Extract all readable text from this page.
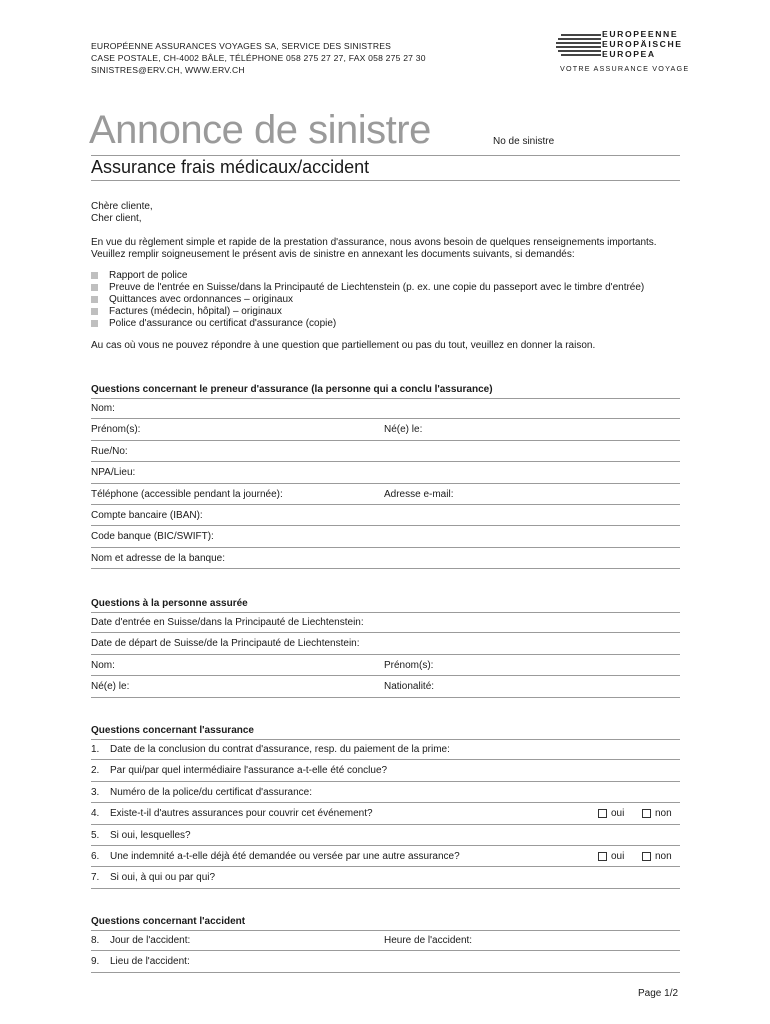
EUROPÉENNE ASSURANCES VOYAGES SA, SERVICE DES SINISTRES
CASE POSTALE, CH-4002 BÂLE, TÉLÉPHONE 058 275 27 27, FAX 058 275 27 30
SINISTRES@ERV.CH, WWW.ERV.CH
EUROPEENNE
EUROPÄISCHE
EUROPEA
VOTRE ASSURANCE VOYAGE
Annonce de sinistre	No de sinistre
Assurance frais médicaux/accident
Chère cliente,
Cher client,
En vue du règlement simple et rapide de la prestation d'assurance, nous avons besoin de quelques renseignements importants. Veuillez remplir soigneusement le présent avis de sinistre en annexant les documents suivants, si demandés:
Rapport de police
Preuve de l'entrée en Suisse/dans la Principauté de Liechtenstein (p. ex. une copie du passeport avec le timbre d'entrée)
Quittances avec ordonnances – originaux
Factures (médecin, hôpital) – originaux
Police d'assurance ou certificat d'assurance (copie)
Au cas où vous ne pouvez répondre à une question que partiellement ou pas du tout, veuillez en donner la raison.
Questions concernant le preneur d'assurance (la personne qui a conclu l'assurance)
Nom:
Prénom(s):	Né(e) le:
Rue/No:
NPA/Lieu:
Téléphone (accessible pendant la journée):	Adresse e-mail:
Compte bancaire (IBAN):
Code banque (BIC/SWIFT):
Nom et adresse de la banque:
Questions à la personne assurée
Date d'entrée en Suisse/dans la Principauté de Liechtenstein:
Date de départ de Suisse/de la Principauté de Liechtenstein:
Nom:	Prénom(s):
Né(e) le:	Nationalité:
Questions concernant l'assurance
1. Date de la conclusion du contrat d'assurance, resp. du paiement de la prime:
2. Par qui/par quel intermédiaire l'assurance a-t-elle été conclue?
3. Numéro de la police/du certificat d'assurance:
4. Existe-t-il d'autres assurances pour couvrir cet événement?	oui	non
5. Si oui, lesquelles?
6. Une indemnité a-t-elle déjà été demandée ou versée par une autre assurance?	oui	non
7. Si oui, à qui ou par qui?
Questions concernant l'accident
8. Jour de l'accident:	Heure de l'accident:
9. Lieu de l'accident:
Page 1/2
